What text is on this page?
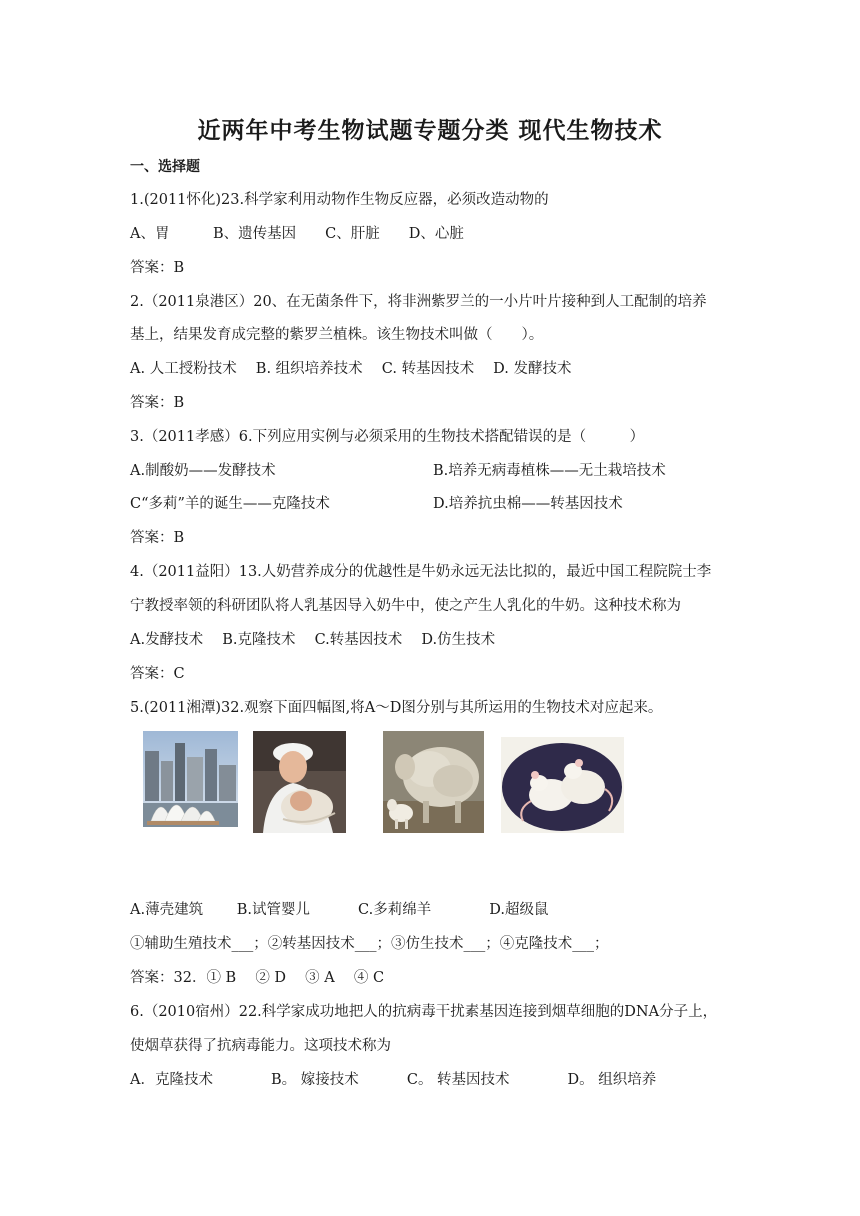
近两年中考生物试题专题分类 现代生物技术
一、选择题
1.(2011怀化)23.科学家利用动物作生物反应器，必须改造动物的
A、胃　　　B、遗传基因　　C、肝脏　　D、心脏
答案：B
2.（2011泉港区）20、在无菌条件下，将非洲紫罗兰的一小片叶片接种到人工配制的培养
基上，结果发育成完整的紫罗兰植株。该生物技术叫做（　　）。
A. 人工授粉技术　 B. 组织培养技术　 C. 转基因技术　 D. 发酵技术
答案：B
3.（2011孝感）6.下列应用实例与必须采用的生物技术搭配错误的是（　　　）
A.制酸奶——发酵技术	B.培养无病毒植株——无土栽培技术
C“多莉”羊的诞生——克隆技术	D.培养抗虫棉——转基因技术
答案：B
4.（2011益阳）13.人奶营养成分的优越性是牛奶永远无法比拟的，最近中国工程院院士李
宁教授率领的科研团队将人乳基因导入奶牛中，使之产生人乳化的牛奶。这种技术称为
A.发酵技术　 B.克隆技术　 C.转基因技术　 D.仿生技术
答案：C
5.(2011湘潭)32.观察下面四幅图,将A～D图分别与其所运用的生物技术对应起来。
A.薄壳建筑　　 B.试管婴儿　　　 C.多莉绵羊　　　　D.超级鼠
①辅助生殖技术___；②转基因技术___；③仿生技术___；④克隆技术___；
答案：32．① B　 ② D　 ③ A　 ④ C
6.（2010宿州）22.科学家成功地把人的抗病毒干扰素基因连接到烟草细胞的DNA分子上，
使烟草获得了抗病毒能力。这项技术称为
A．克隆技术　　　　B。 嫁接技术　　　 C。 转基因技术　　　　D。 组织培养
